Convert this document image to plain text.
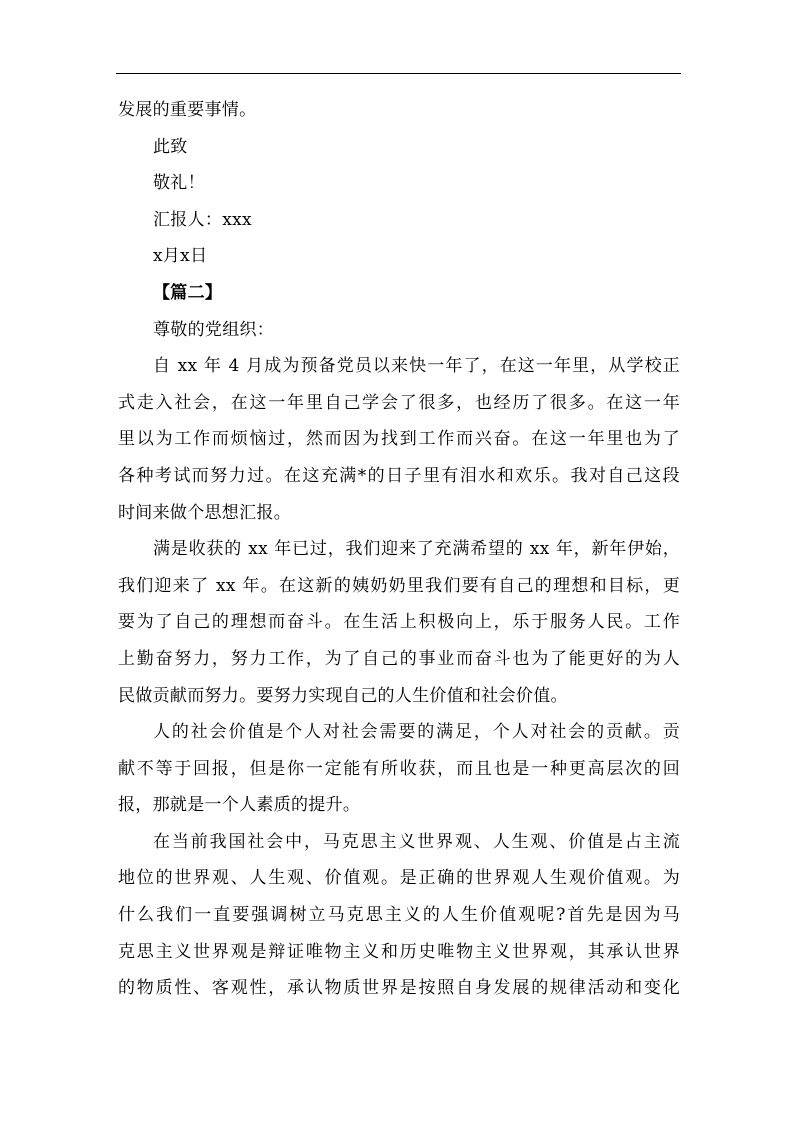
发展的重要事情。
此致
敬礼！
汇报人：xxx
x月x日
【篇二】
尊敬的党组织：
自 xx 年 4 月成为预备党员以来快一年了，在这一年里，从学校正
式走入社会，在这一年里自己学会了很多，也经历了很多。在这一年
里以为工作而烦恼过，然而因为找到工作而兴奋。在这一年里也为了
各种考试而努力过。在这充满*的日子里有泪水和欢乐。我对自己这段
时间来做个思想汇报。
满是收获的 xx 年已过，我们迎来了充满希望的 xx 年，新年伊始，
我们迎来了 xx 年。在这新的姨奶奶里我们要有自己的理想和目标，更
要为了自己的理想而奋斗。在生活上积极向上，乐于服务人民。工作
上勤奋努力，努力工作，为了自己的事业而奋斗也为了能更好的为人
民做贡献而努力。要努力实现自己的人生价值和社会价值。
人的社会价值是个人对社会需要的满足，个人对社会的贡献。贡
献不等于回报，但是你一定能有所收获，而且也是一种更高层次的回
报，那就是一个人素质的提升。
在当前我国社会中，马克思主义世界观、人生观、价值是占主流
地位的世界观、人生观、价值观。是正确的世界观人生观价值观。为
什么我们一直要强调树立马克思主义的人生价值观呢?首先是因为马
克思主义世界观是辩证唯物主义和历史唯物主义世界观，其承认世界
的物质性、客观性，承认物质世界是按照自身发展的规律活动和变化
